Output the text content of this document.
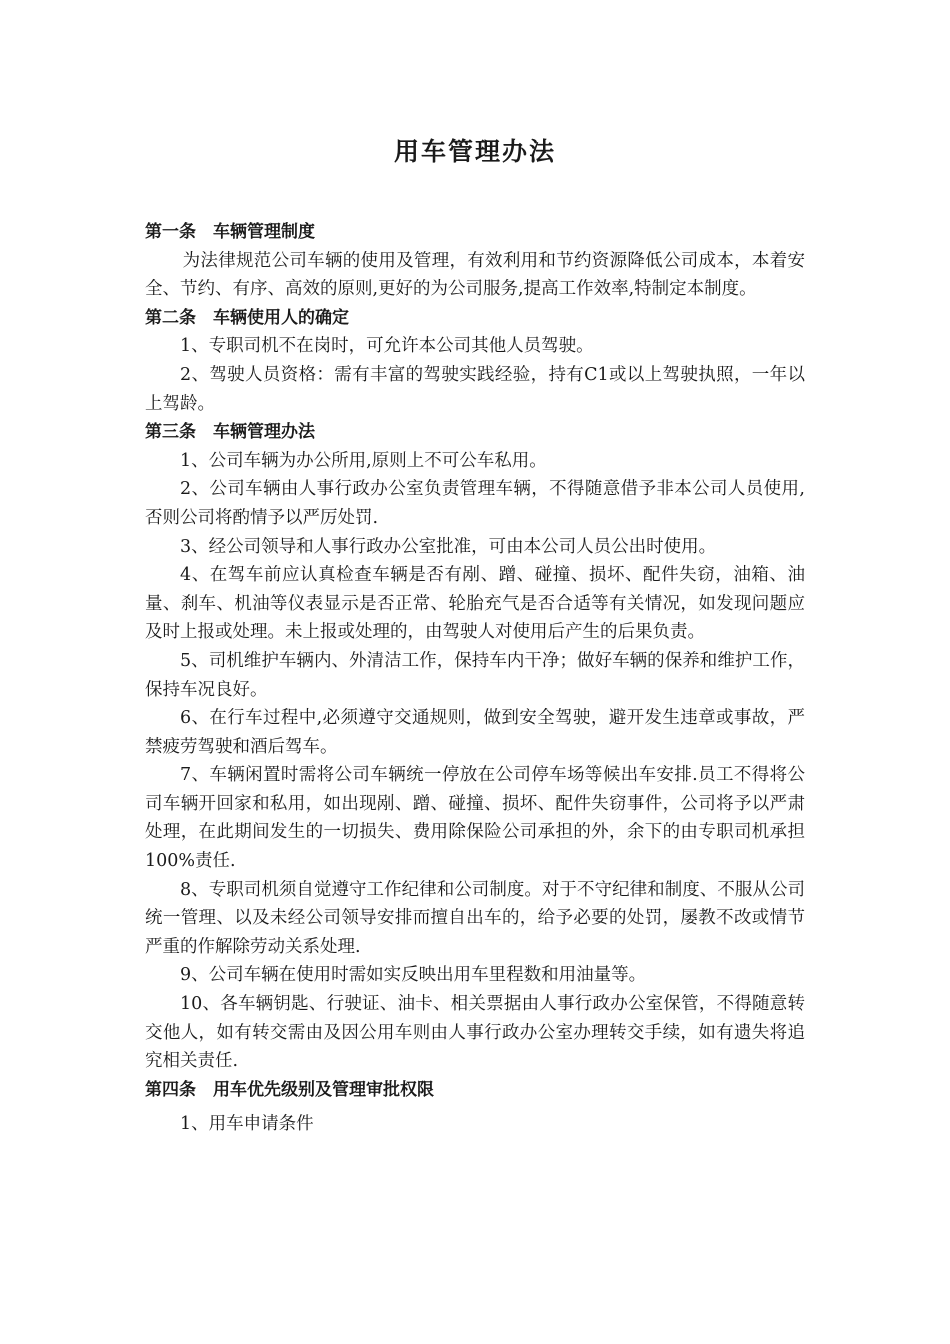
用车管理办法

第一条　车辆管理制度

为法律规范公司车辆的使用及管理，有效利用和节约资源降低公司成本，本着安全、节约、有序、高效的原则,更好的为公司服务,提高工作效率,特制定本制度。

第二条　车辆使用人的确定

1、专职司机不在岗时，可允许本公司其他人员驾驶。

2、驾驶人员资格：需有丰富的驾驶实践经验，持有C1或以上驾驶执照，一年以上驾龄。

第三条　车辆管理办法

1、公司车辆为办公所用,原则上不可公车私用。

2、公司车辆由人事行政办公室负责管理车辆，不得随意借予非本公司人员使用,否则公司将酌情予以严厉处罚.

3、经公司领导和人事行政办公室批准，可由本公司人员公出时使用。

4、在驾车前应认真检查车辆是否有剐、蹭、碰撞、损坏、配件失窃，油箱、油量、刹车、机油等仪表显示是否正常、轮胎充气是否合适等有关情况，如发现问题应及时上报或处理。未上报或处理的，由驾驶人对使用后产生的后果负责。

5、司机维护车辆内、外清洁工作，保持车内干净；做好车辆的保养和维护工作，保持车况良好。

6、在行车过程中,必须遵守交通规则，做到安全驾驶，避开发生违章或事故，严禁疲劳驾驶和酒后驾车。

7、车辆闲置时需将公司车辆统一停放在公司停车场等候出车安排.员工不得将公司车辆开回家和私用，如出现剐、蹭、碰撞、损坏、配件失窃事件，公司将予以严肃处理，在此期间发生的一切损失、费用除保险公司承担的外，余下的由专职司机承担100%责任.

8、专职司机须自觉遵守工作纪律和公司制度。对于不守纪律和制度、不服从公司统一管理、以及未经公司领导安排而擅自出车的，给予必要的处罚，屡教不改或情节严重的作解除劳动关系处理.

9、公司车辆在使用时需如实反映出用车里程数和用油量等。

10、各车辆钥匙、行驶证、油卡、相关票据由人事行政办公室保管，不得随意转交他人，如有转交需由及因公用车则由人事行政办公室办理转交手续，如有遗失将追究相关责任.

第四条　用车优先级别及管理审批权限

1、用车申请条件
